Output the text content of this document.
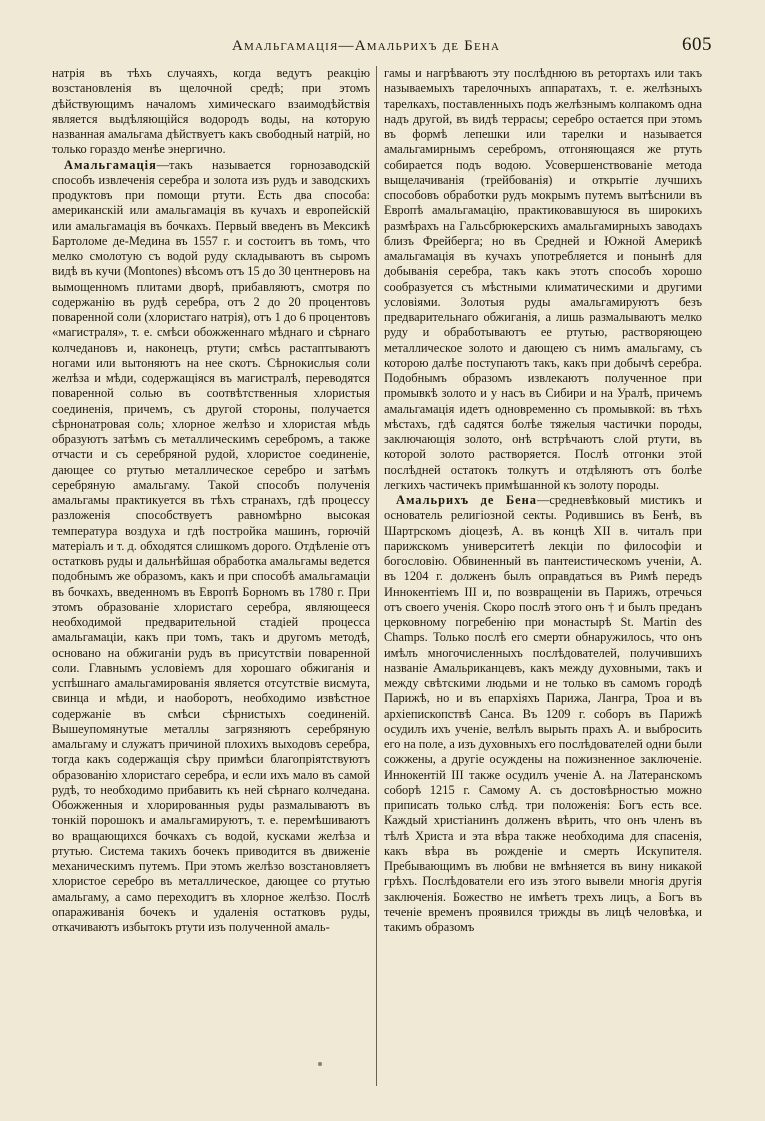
Амальгамація—Амальрихъ де Бена	605

натрія въ тѣхъ случаяхъ, когда ведутъ реакцію возстановленія въ щелочной средѣ; при этомъ дѣйствующимъ началомъ химическаго взаимодѣйствія является выдѣляющійся водородъ воды, на которую названная амальгама дѣйствуетъ какъ свободный натрій, но только гораздо менѣе энергично.

Амальгамація—такъ называется горнозаводскій способъ извлеченія серебра и золота изъ рудъ и заводскихъ продуктовъ при помощи ртути. Есть два способа: американскій или амальгамація въ кучахъ и европейскій или амальгамація въ бочкахъ. Первый введенъ въ Мексикѣ Бартоломе де-Медина въ 1557 г. и состоитъ въ томъ, что мелко смолотую съ водой руду складываютъ въ сыромъ видѣ въ кучи (Montones) вѣсомъ отъ 15 до 30 центнеровъ на вымощенномъ плитами дворѣ, прибавляютъ, смотря по содержанію въ рудѣ серебра, отъ 2 до 20 процентовъ поваренной соли (хлористаго натрія), отъ 1 до 6 процентовъ «магистраля», т. е. смѣси обожженнаго мѣднаго и сѣрнаго колчедановъ и, наконецъ, ртути; смѣсь растаптываютъ ногами или вытоняютъ на нее скотъ. Сѣрнокислыя соли желѣза и мѣди, содержащіяся въ магистралѣ, переводятся поваренной солью въ соотвѣтственныя хлористыя соединенія, причемъ, съ другой стороны, получается сѣрнонатровая соль; хлорное желѣзо и хлористая мѣдь образуютъ затѣмъ съ металлическимъ серебромъ, а также отчасти и съ серебряной рудой, хлористое соединеніе, дающее со ртутью металлическое серебро и затѣмъ серебряную амальгаму. Такой способъ полученія амальгамы практикуется въ тѣхъ странахъ, гдѣ процессу разложенія способствуетъ равномѣрно высокая температура воздуха и гдѣ постройка машинъ, горючій матеріалъ и т. д. обходятся слишкомъ дорого. Отдѣленіе отъ остатковъ руды и дальнѣйшая обработка амальгамы ведется подобнымъ же образомъ, какъ и при способѣ амальгамаціи въ бочкахъ, введенномъ въ Европѣ Борномъ въ 1780 г. При этомъ образованіе хлористаго серебра, являющееся необходимой предварительной стадіей процесса амальгамаціи, какъ при томъ, такъ и другомъ методѣ, основано на обжиганіи рудъ въ присутствіи поваренной соли. Главнымъ условіемъ для хорошаго обжиганія и успѣшнаго амальгамированія является отсутствіе висмута, свинца и мѣди, и наоборотъ, необходимо извѣстное содержаніе въ смѣси сѣрнистыхъ соединеній. Вышеупомянутые металлы загрязняютъ серебряную амальгаму и служатъ причиной плохихъ выходовъ серебра, тогда какъ содержащія сѣру примѣси благопріятствуютъ образованію хлористаго серебра, и если ихъ мало въ самой рудѣ, то необходимо прибавить къ ней сѣрнаго колчедана. Обожженныя и хлорированныя руды размалываютъ въ тонкій порошокъ и амальгамируютъ, т. е. перемѣшиваютъ во вращающихся бочкахъ съ водой, кусками желѣза и ртутью. Система такихъ бочекъ приводится въ движеніе механическимъ путемъ. При этомъ желѣзо возстановляетъ хлористое серебро въ металлическое, дающее со ртутью амальгаму, а само переходитъ въ хлорное желѣзо. Послѣ опараживанія бочекъ и удаленія остатковъ руды, откачиваютъ избытокъ ртути изъ полученной амаль-

гамы и нагрѣваютъ эту послѣднюю въ ретортахъ или такъ называемыхъ тарелочныхъ аппаратахъ, т. е. желѣзныхъ тарелкахъ, поставленныхъ подъ желѣзнымъ колпакомъ одна надъ другой, въ видѣ террасы; серебро остается при этомъ въ формѣ лепешки или тарелки и называется амальгамирнымъ серебромъ, отгоняющаяся же ртуть собирается подъ водою. Усовершенствованіе метода выщелачиванія (трейбованія) и открытіе лучшихъ способовъ обработки рудъ мокрымъ путемъ вытѣснили въ Европѣ амальгамацію, практиковавшуюся въ широкихъ размѣрахъ на Гальсбрюкерскихъ амальгамирныхъ заводахъ близъ Фрейберга; но въ Средней и Южной Америкѣ амальгамація въ кучахъ употребляется и понынѣ для добыванія серебра, такъ какъ этотъ способъ хорошо сообразуется съ мѣстными климатическими и другими условіями. Золотыя руды амальгамируютъ безъ предварительнаго обжиганія, а лишь размалываютъ мелко руду и обработываютъ ее ртутью, растворяющею металлическое золото и дающею съ нимъ амальгаму, съ которою далѣе поступаютъ такъ, какъ при добычѣ серебра. Подобнымъ образомъ извлекаютъ полученное при промывкѣ золото и у насъ въ Сибири и на Уралѣ, причемъ амальгамація идетъ одновременно съ промывкой: въ тѣхъ мѣстахъ, гдѣ садятся болѣе тяжелыя частички породы, заключающія золото, онѣ встрѣчаютъ слой ртути, въ которой золото растворяется. Послѣ отгонки этой послѣдней остатокъ толкутъ и отдѣляютъ отъ болѣе легкихъ частичекъ примѣшанной къ золоту породы.

Амальрихъ де Бена—средневѣковый мистикъ и основатель религіозной секты. Родившись въ Бенѣ, въ Шартрскомъ діоцезѣ, А. въ концѣ XII в. читалъ при парижскомъ университетѣ лекціи по философіи и богословію. Обвиненный въ пантеистическомъ ученіи, А. въ 1204 г. долженъ былъ оправдаться въ Римѣ передъ Иннокентіемъ III и, по возвращеніи въ Парижъ, отречься отъ своего ученія. Скоро послѣ этого онъ † и былъ преданъ церковному погребенію при монастырѣ St. Martin des Champs. Только послѣ его смерти обнаружилось, что онъ имѣлъ многочисленныхъ послѣдователей, получившихъ названіе Амальриканцевъ, какъ между духовными, такъ и между свѣтскими людьми и не только въ самомъ городѣ Парижѣ, но и въ епархіяхъ Парижа, Лангра, Троа и въ архіепископствѣ Санса. Въ 1209 г. соборъ въ Парижѣ осудилъ ихъ ученіе, велѣлъ вырыть прахъ А. и выбросить его на поле, а изъ духовныхъ его послѣдователей одни были сожжены, а другіе осуждены на пожизненное заключеніе. Иннокентій III также осудилъ ученіе А. на Латеранскомъ соборѣ 1215 г. Самому А. съ достовѣрностью можно приписать только слѣд. три положенія: Богъ есть все. Каждый христіанинъ долженъ вѣрить, что онъ членъ въ тѣлѣ Христа и эта вѣра также необходима для спасенія, какъ вѣра въ рожденіе и смерть Искупителя. Пребывающимъ въ любви не вмѣняется въ вину никакой грѣхъ. Послѣдователи его изъ этого вывели многія другія заключенія. Божество не имѣетъ трехъ лицъ, а Богъ въ теченіе временъ проявился трижды въ лицѣ человѣка, и такимъ образомъ
